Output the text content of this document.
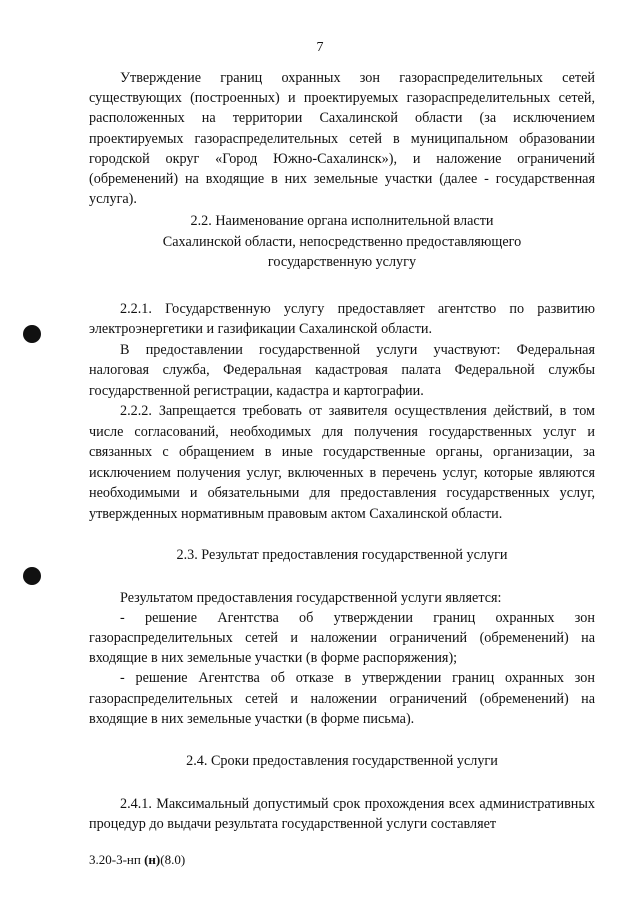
7

Утверждение границ охранных зон газораспределительных сетей существующих (построенных) и проектируемых газораспределительных сетей, расположенных на территории Сахалинской области (за исключением проектируемых газораспределительных сетей в муниципальном образовании городской округ «Город Южно-Сахалинск»), и наложение ограничений (обременений) на входящие в них земельные участки (далее - государственная услуга).

2.2. Наименование органа исполнительной власти

Сахалинской области, непосредственно предоставляющего

государственную услугу

2.2.1. Государственную услугу предоставляет агентство по развитию электроэнергетики и газификации Сахалинской области.

В предоставлении государственной услуги участвуют: Федеральная налоговая служба, Федеральная кадастровая палата Федеральной службы государственной регистрации, кадастра и картографии.

2.2.2. Запрещается требовать от заявителя осуществления действий, в том числе согласований, необходимых для получения государственных услуг и связанных с обращением в иные государственные органы, организации, за исключением получения услуг, включенных в перечень услуг, которые являются необходимыми и обязательными для предоставления государственных услуг, утвержденных нормативным правовым актом Сахалинской области.

2.3. Результат предоставления государственной услуги

Результатом предоставления государственной услуги является:

- решение Агентства об утверждении границ охранных зон газораспределительных сетей и наложении ограничений (обременений) на входящие в них земельные участки (в форме распоряжения);

- решение Агентства об отказе в утверждении границ охранных зон газораспределительных сетей и наложении ограничений (обременений) на входящие в них земельные участки (в форме письма).

2.4. Сроки предоставления государственной услуги

2.4.1. Максимальный допустимый срок прохождения всех административных процедур до выдачи результата государственной услуги составляет

3.20-3-нп (н)(8.0)
